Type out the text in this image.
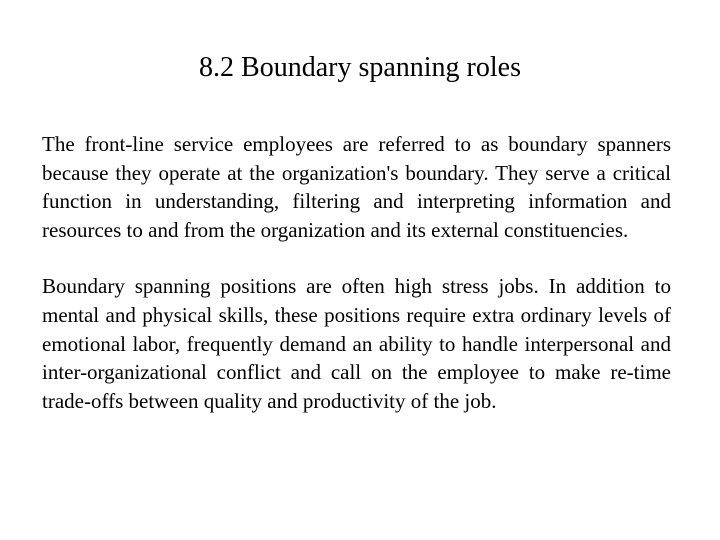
8.2 Boundary spanning roles

The front-line service employees are referred to as boundary spanners because they operate at the organization's boundary. They serve a critical function in understanding, filtering and interpreting information and resources to and from the organization and its external constituencies.

Boundary spanning positions are often high stress jobs. In addition to mental and physical skills, these positions require extra ordinary levels of emotional labor, frequently demand an ability to handle interpersonal and inter-organizational conflict and call on the employee to make re-time trade-offs between quality and productivity of the job.
